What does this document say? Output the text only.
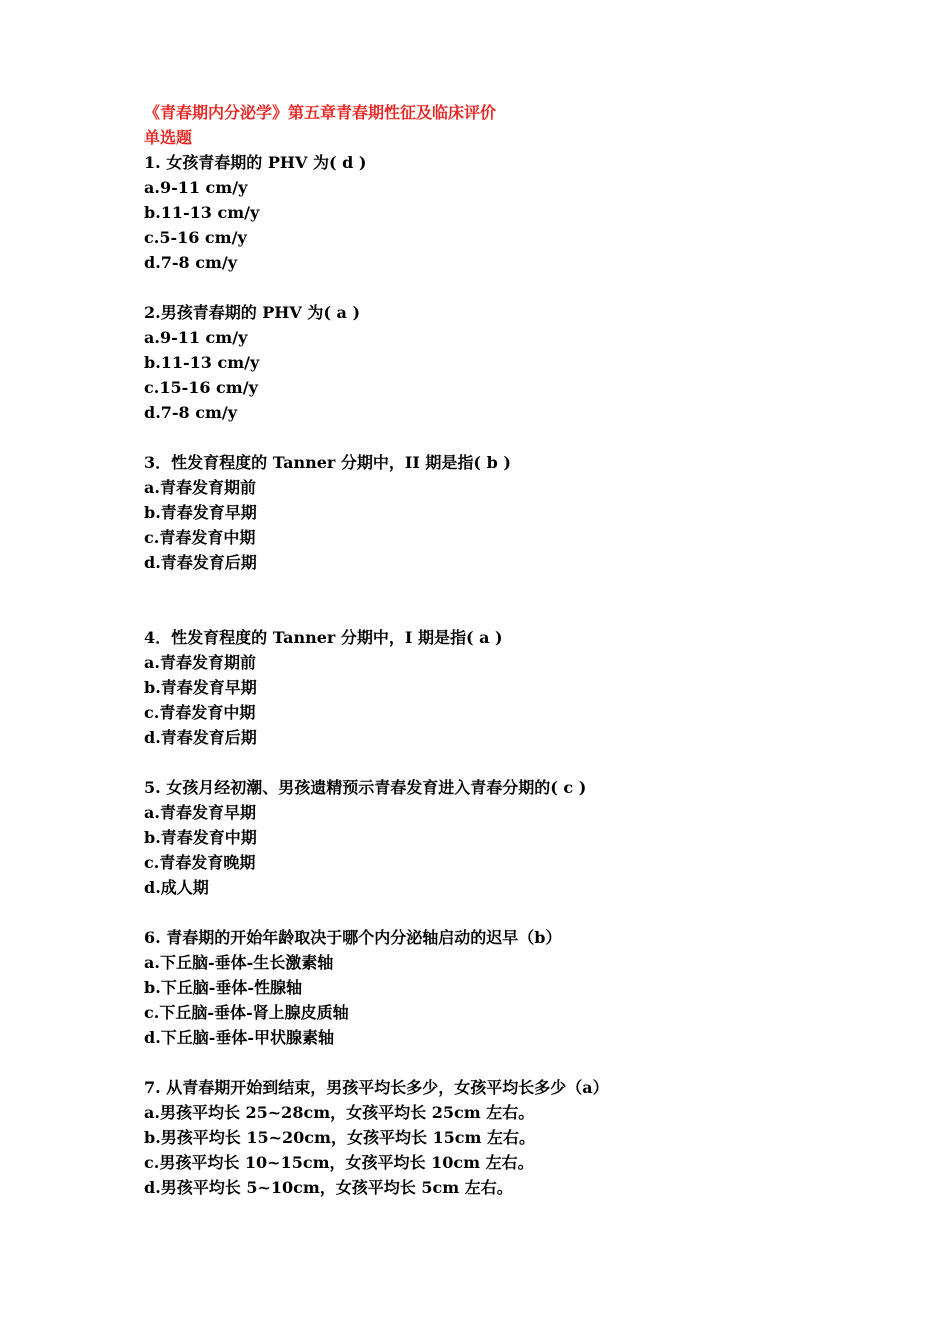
《青春期内分泌学》第五章青春期性征及临床评价
单选题
1. 女孩青春期的 PHV 为( d )
a.9-11 cm/y
b.11-13 cm/y
c.5-16 cm/y
d.7-8 cm/y
2.男孩青春期的 PHV 为( a )
a.9-11 cm/y
b.11-13 cm/y
c.15-16 cm/y
d.7-8 cm/y
3．性发育程度的 Tanner 分期中，II 期是指( b )
a.青春发育期前
b.青春发育早期
c.青春发育中期
d.青春发育后期
4．性发育程度的 Tanner 分期中，I 期是指( a )
a.青春发育期前
b.青春发育早期
c.青春发育中期
d.青春发育后期
5. 女孩月经初潮、男孩遗精预示青春发育进入青春分期的( c )
a.青春发育早期
b.青春发育中期
c.青春发育晚期
d.成人期
6. 青春期的开始年龄取决于哪个内分泌轴启动的迟早（b）
a.下丘脑-垂体-生长激素轴
b.下丘脑-垂体-性腺轴
c.下丘脑-垂体-肾上腺皮质轴
d.下丘脑-垂体-甲状腺素轴
7. 从青春期开始到结束，男孩平均长多少，女孩平均长多少（a）
a.男孩平均长 25~28cm，女孩平均长 25cm 左右。
b.男孩平均长 15~20cm，女孩平均长 15cm 左右。
c.男孩平均长 10~15cm，女孩平均长 10cm 左右。
d.男孩平均长 5~10cm，女孩平均长 5cm 左右。
